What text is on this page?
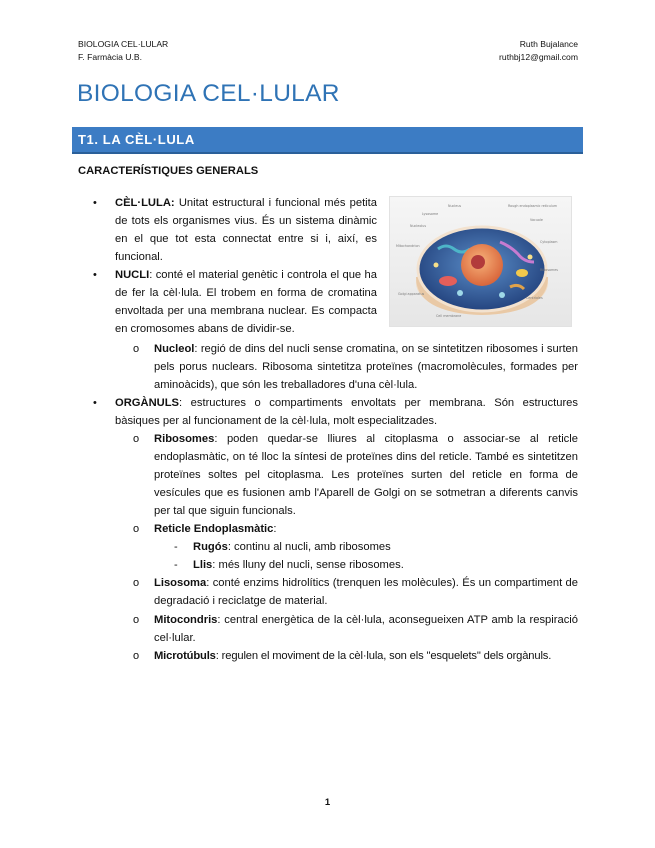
BIOLOGIA CEL·LULAR
F. Farmàcia U.B.
Ruth Bujalance
ruthbj12@gmail.com
BIOLOGIA CEL·LULAR
T1. LA CÈL·LULA
CARACTERÍSTIQUES GENERALS
Nucleus
Lysosome
Rough endoplasmic reticulum
Vacuole
Nucleolus
Cytoplasm
Mitochondrion
Ribosomes
Golgi apparatus
Centrioles
Cell membrane
• CÈL·LULA: Unitat estructural i funcional més petita de tots els organismes vius. És un sistema dinàmic en el que tot esta connectat entre si i, així, es funcional.
• NUCLI: conté el material genètic i controla el que ha de fer la cèl·lula. El trobem en forma de cromatina envoltada per una membrana nuclear. Es compacta en cromosomes abans de dividir-se.
o Nucleol: regió de dins del nucli sense cromatina, on se sintetitzen ribosomes i surten pels porus nuclears. Ribosoma sintetitza proteïnes (macromolècules, formades per aminoàcids), que són les treballadores d'una cèl·lula.
• ORGÀNULS: estructures o compartiments envoltats per membrana. Són estructures bàsiques per al funcionament de la cèl·lula, molt especialitzades.
o Ribosomes: poden quedar-se lliures al citoplasma o associar-se al reticle endoplasmàtic, on té lloc la síntesi de proteïnes dins del reticle. També es sintetitzen proteïnes soltes pel citoplasma. Les proteïnes surten del reticle en forma de vesícules que es fusionen amb l'Aparell de Golgi on se sotmetran a diferents canvis per tal que siguin funcionals.
o Reticle Endoplasmàtic:
- Rugós: continu al nucli, amb ribosomes
- Llis: més lluny del nucli, sense ribosomes.
o Lisosoma: conté enzims hidrolítics (trenquen les molècules). És un compartiment de degradació i reciclatge de material.
o Mitocondris: central energètica de la cèl·lula, aconsegueixen ATP amb la respiració cel·lular.
o Microtúbuls: regulen el moviment de la cèl·lula, son els "esquelets" dels orgànuls.
1
